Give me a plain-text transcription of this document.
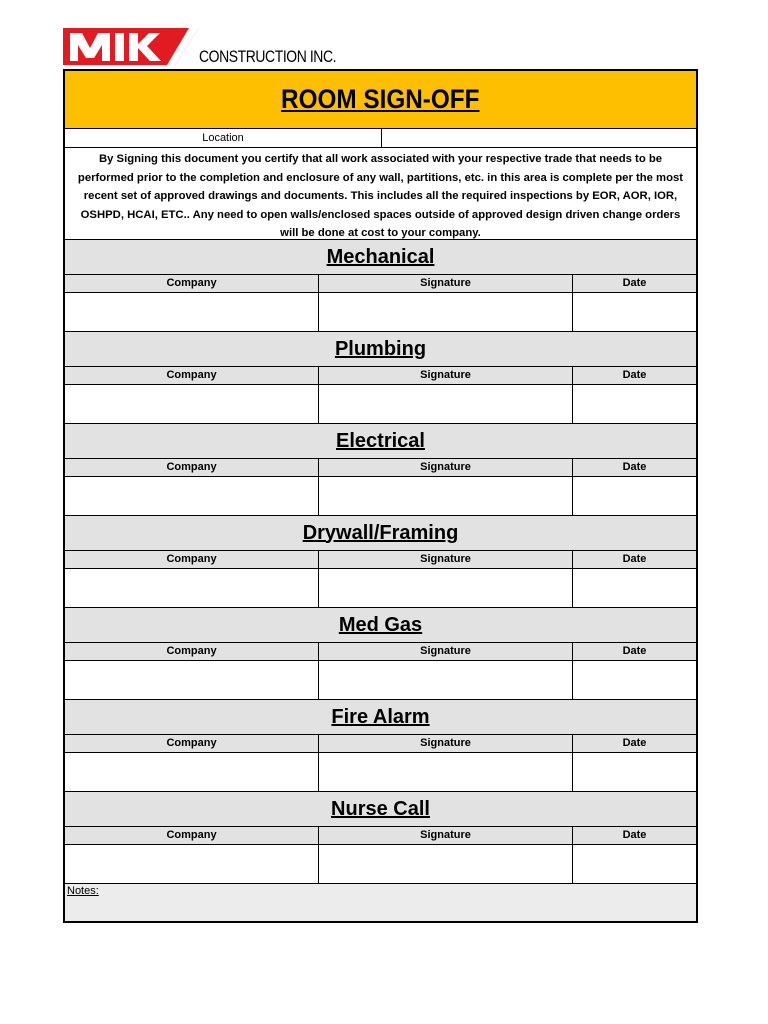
CONSTRUCTION INC.
ROOM SIGN-OFF
Location
By Signing this document you certify that all work associated with your respective trade that needs to be performed prior to the completion and enclosure of any wall, partitions, etc. in this area is complete per the most recent set of approved drawings and documents. This includes all the required inspections by EOR, AOR, IOR, OSHPD, HCAI, ETC.. Any need to open walls/enclosed spaces outside of approved design driven change orders will be done at cost to your company.
Mechanical
Company	Signature	Date
Plumbing
Company	Signature	Date
Electrical
Company	Signature	Date
Drywall/Framing
Company	Signature	Date
Med Gas
Company	Signature	Date
Fire Alarm
Company	Signature	Date
Nurse Call
Company	Signature	Date
Notes:
